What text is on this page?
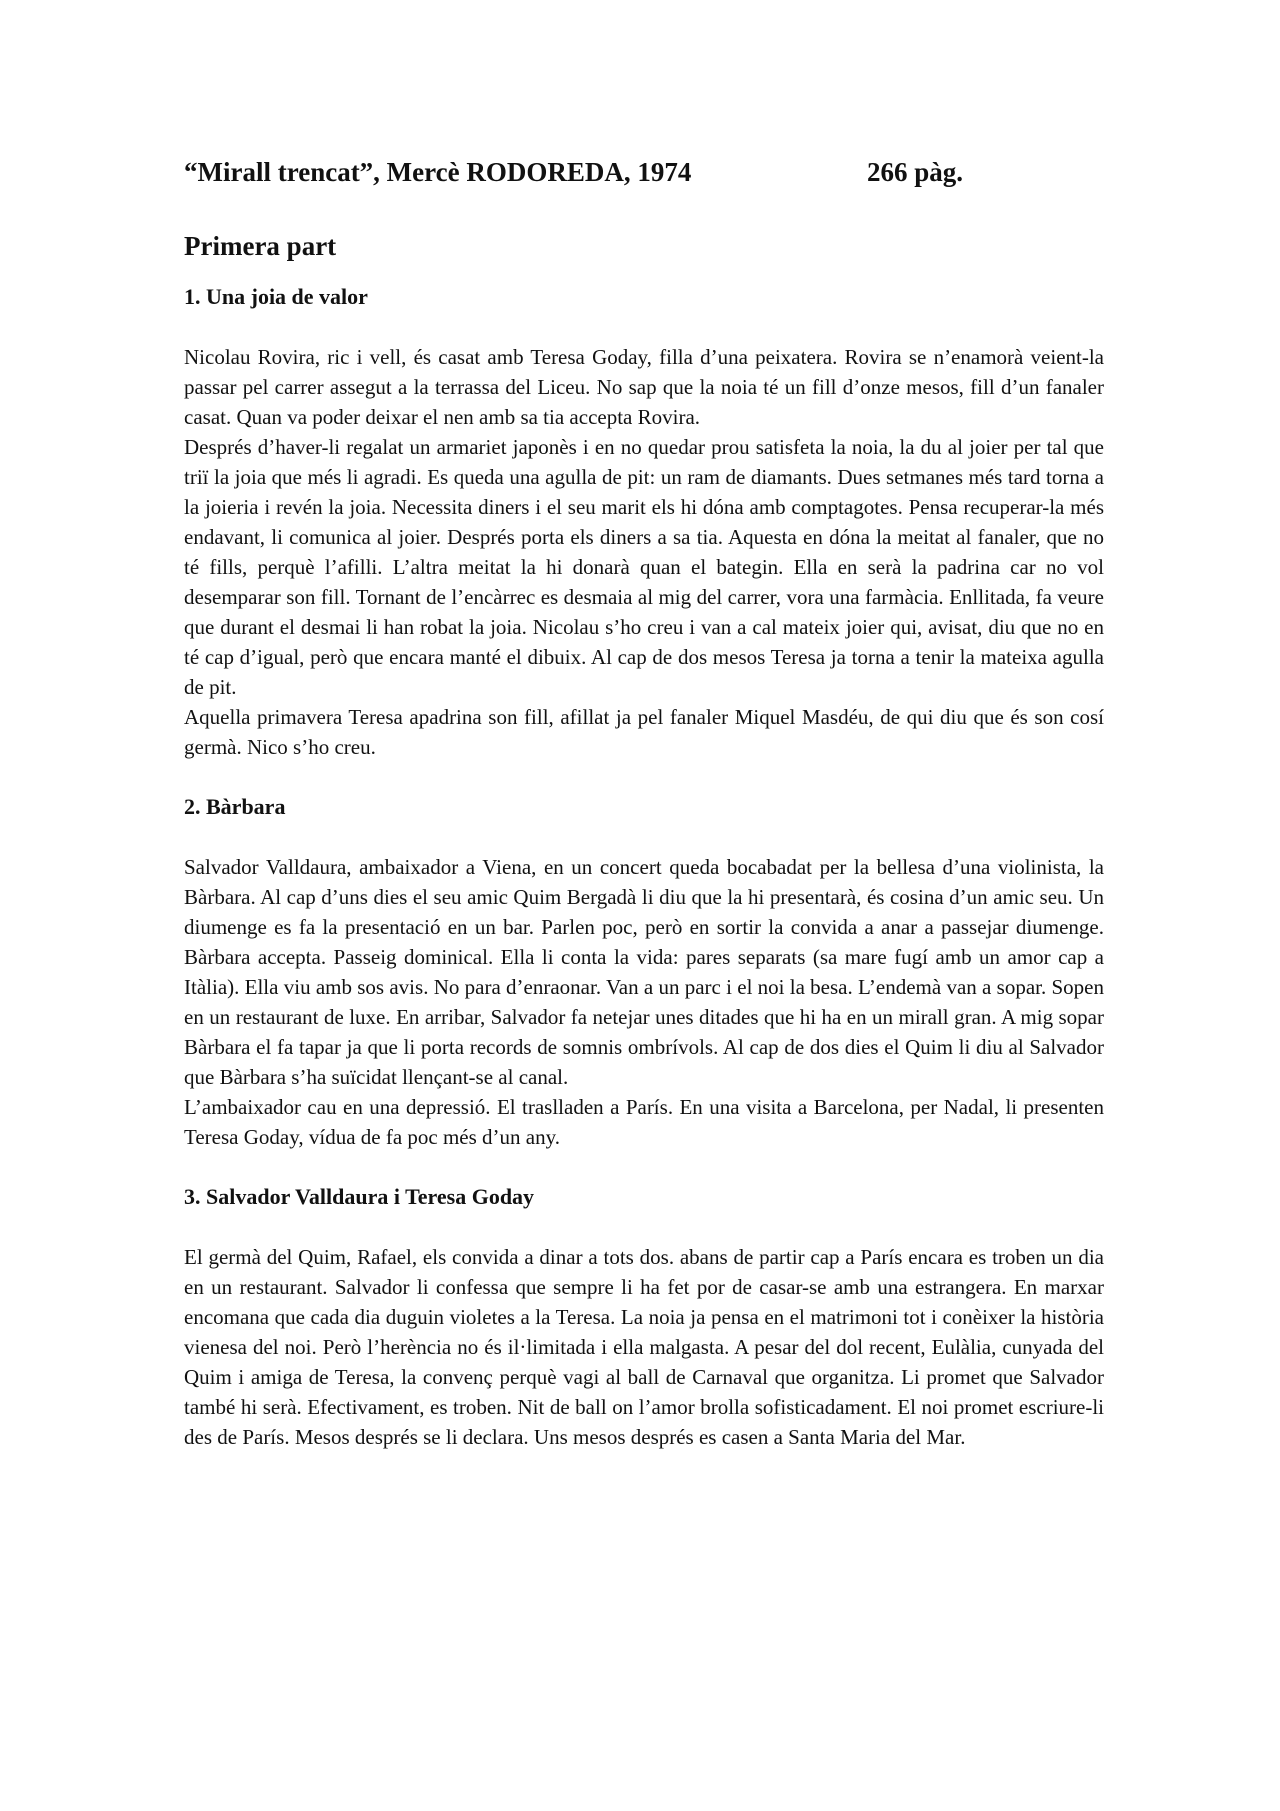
“Mirall trencat”, Mercè RODOREDA, 1974	266 pàg.
Primera part
1. Una joia de valor

Nicolau Rovira, ric i vell, és casat amb Teresa Goday, filla d’una peixatera. Rovira se n’enamorà veient-la passar pel carrer assegut a la terrassa del Liceu. No sap que la noia té un fill d’onze mesos, fill d’un fanaler casat. Quan va poder deixar el nen amb sa tia accepta Rovira.

Després d’haver-li regalat un armariet japonès i en no quedar prou satisfeta la noia, la du al joier per tal que triï la joia que més li agradi. Es queda una agulla de pit: un ram de diamants. Dues setmanes més tard torna a la joieria i revén la joia. Necessita diners i el seu marit els hi dóna amb comptagotes. Pensa recuperar-la més endavant, li comunica al joier. Després porta els diners a sa tia. Aquesta en dóna la meitat al fanaler, que no té fills, perquè l’afilli. L’altra meitat la hi donarà quan el bategin. Ella en serà la padrina car no vol desemparar son fill. Tornant de l’encàrrec es desmaia al mig del carrer, vora una farmàcia. Enllitada, fa veure que durant el desmai li han robat la joia. Nicolau s’ho creu i van a cal mateix joier qui, avisat, diu que no en té cap d’igual, però que encara manté el dibuix. Al cap de dos mesos Teresa ja torna a tenir la mateixa agulla de pit.

Aquella primavera Teresa apadrina son fill, afillat ja pel fanaler Miquel Masdéu, de qui diu que és son cosí germà. Nico s’ho creu.

2. Bàrbara

Salvador Valldaura, ambaixador a Viena, en un concert queda bocabadat per la bellesa d’una violinista, la Bàrbara. Al cap d’uns dies el seu amic Quim Bergadà li diu que la hi presentarà, és cosina d’un amic seu. Un diumenge es fa la presentació en un bar. Parlen poc, però en sortir la convida a anar a passejar diumenge. Bàrbara accepta. Passeig dominical. Ella li conta la vida: pares separats (sa mare fugí amb un amor cap a Itàlia). Ella viu amb sos avis. No para d’enraonar. Van a un parc i el noi la besa. L’endemà van a sopar. Sopen en un restaurant de luxe. En arribar, Salvador fa netejar unes ditades que hi ha en un mirall gran. A mig sopar Bàrbara el fa tapar ja que li porta records de somnis ombrívols. Al cap de dos dies el Quim li diu al Salvador que Bàrbara s’ha suïcidat llençant-se al canal.

L’ambaixador cau en una depressió. El traslladen a París. En una visita a Barcelona, per Nadal, li presenten Teresa Goday, vídua de fa poc més d’un any.

3. Salvador Valldaura i Teresa Goday

El germà del Quim, Rafael, els convida a dinar a tots dos. abans de partir cap a París encara es troben un dia en un restaurant. Salvador li confessa que sempre li ha fet por de casar-se amb una estrangera. En marxar encomana que cada dia duguin violetes a la Teresa. La noia ja pensa en el matrimoni tot i conèixer la història vienesa del noi. Però l’herència no és il·limitada i ella malgasta. A pesar del dol recent, Eulàlia, cunyada del Quim i amiga de Teresa, la convenç perquè vagi al ball de Carnaval que organitza. Li promet que Salvador també hi serà. Efectivament, es troben. Nit de ball on l’amor brolla sofisticadament. El noi promet escriure-li des de París. Mesos després se li declara. Uns mesos després es casen a Santa Maria del Mar.
